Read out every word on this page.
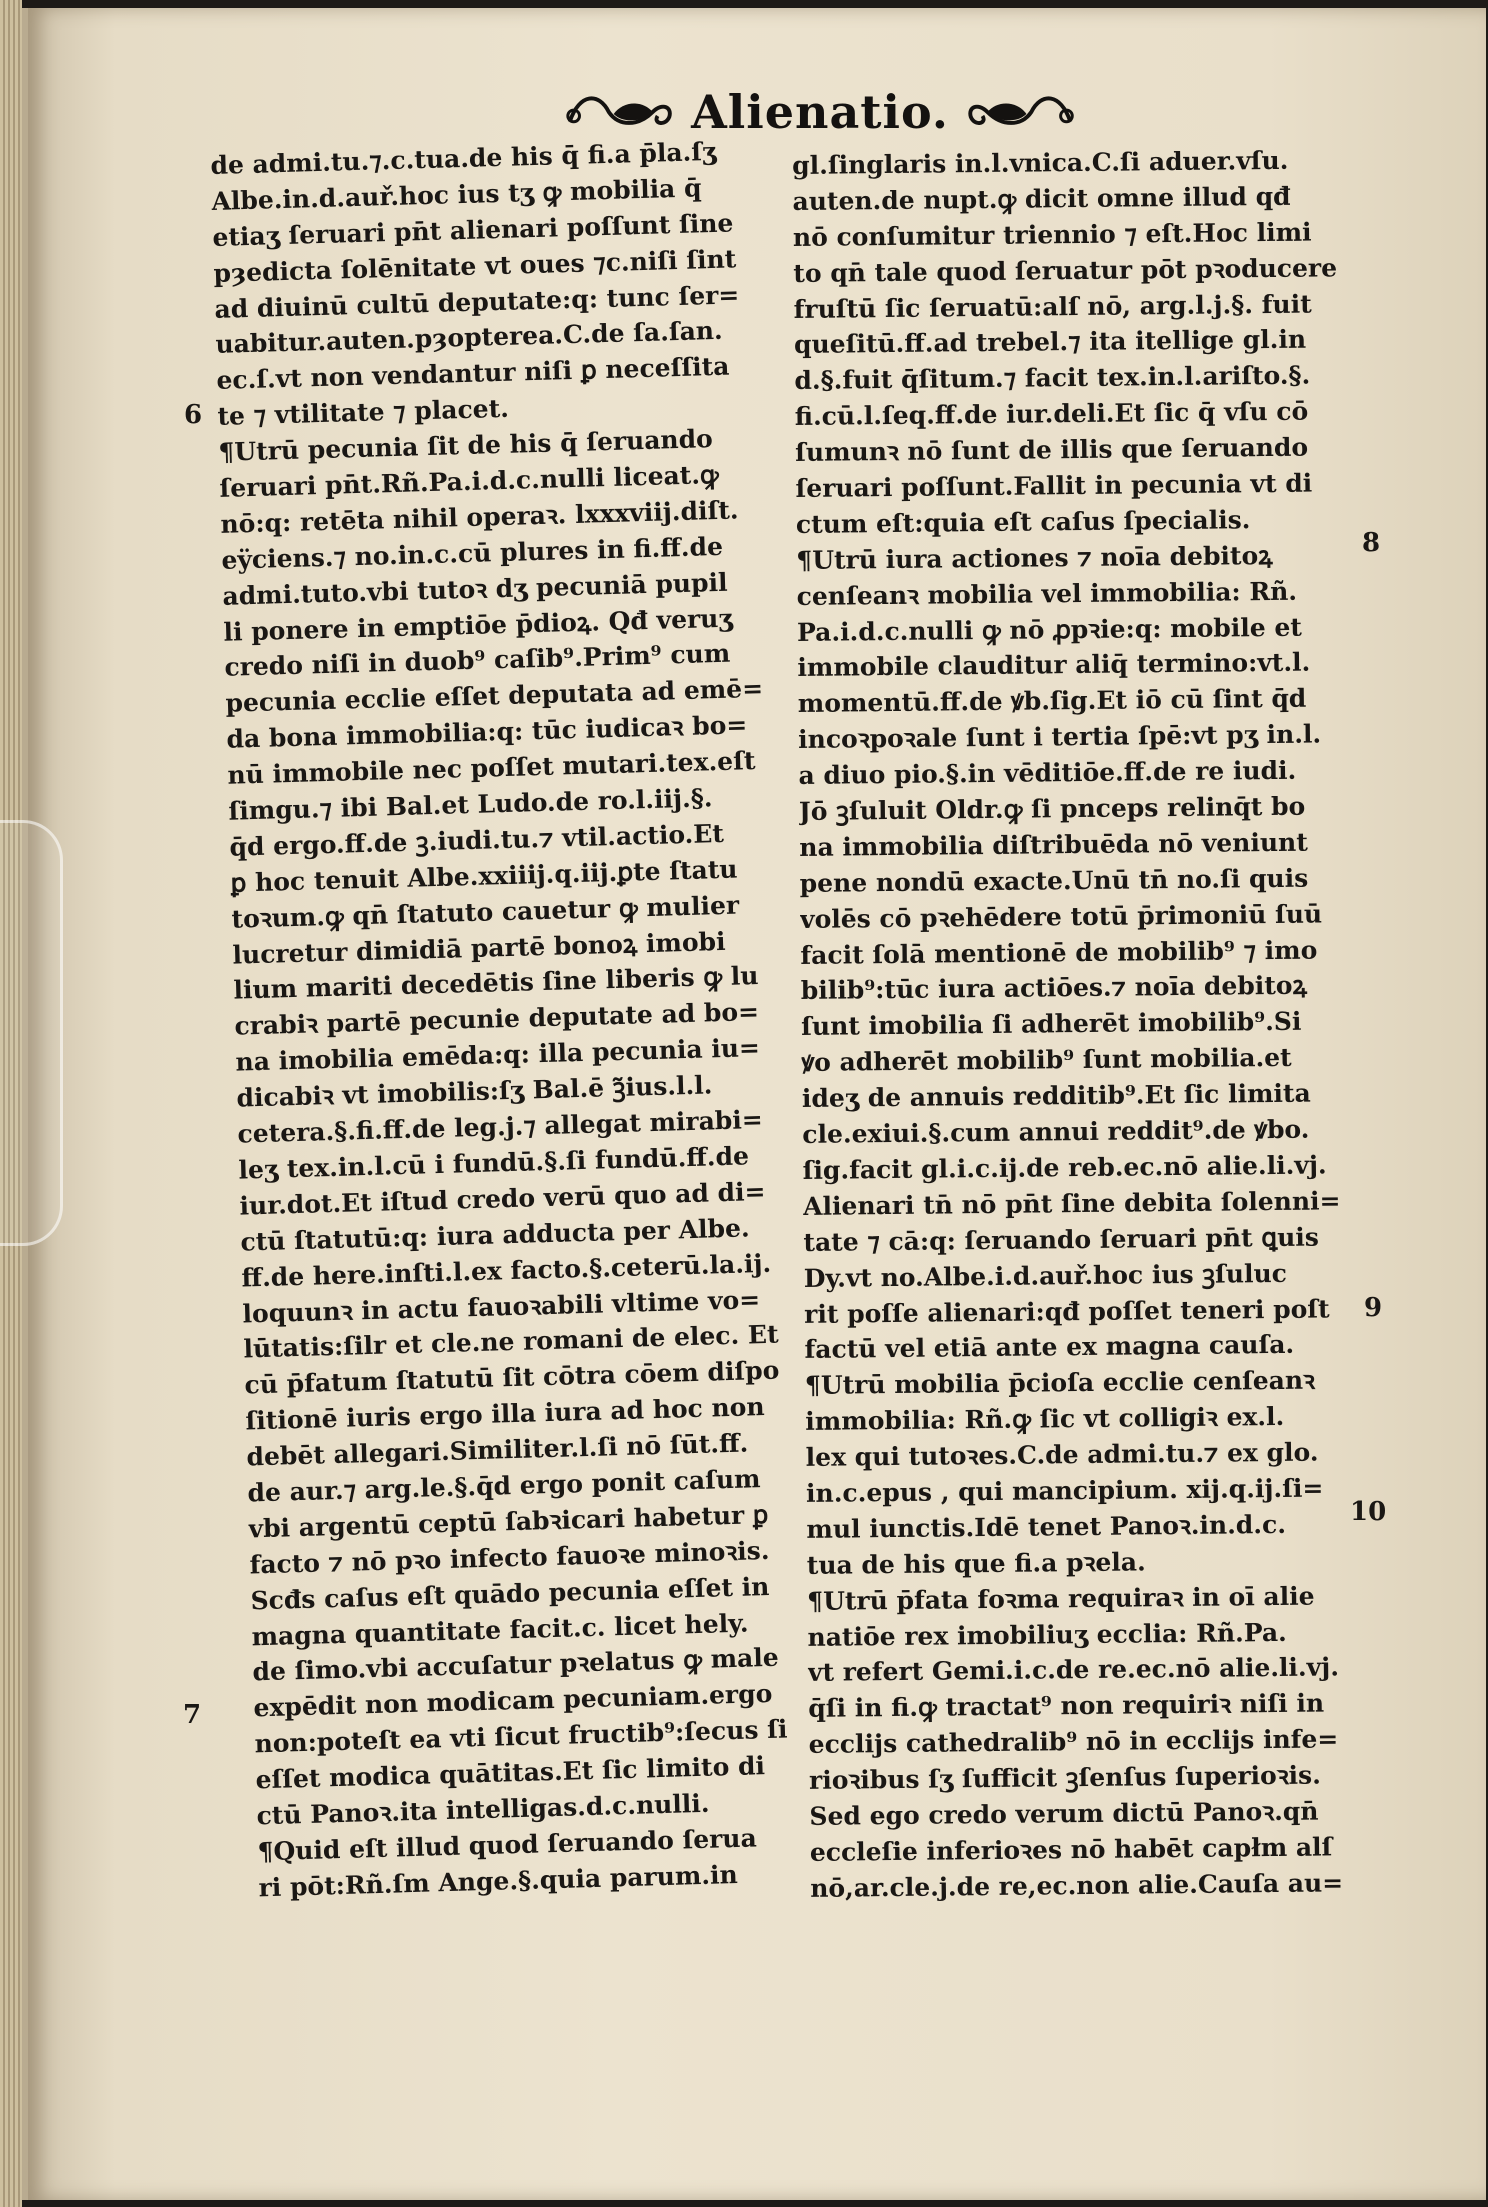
Alienatio.
de admi.tu.⁊.c.tua.de his q̄ fi.a p̄la.ſʒ
Albe.in.d.auř.hoc ius tʒ ꝙ mobilia q̄
etiaʒ ſeruari pn̄t alienari poſſunt ſine
pȝedicta ſolēnitate vt oues ⁊c.niſi ſint
ad diuinū cultū deputate:q: tunc ſer=
uabitur.auten.pȝopterea.C.de ſa.ſan.
ec.ſ.vt non vendantur niſi ꝑ neceſſita
te ⁊ vtilitate ⁊ placet.
¶Utrū pecunia ſit de his q̄ ſeruando
ſeruari pn̄t.Rñ.Pa.i.d.c.nulli liceat.ꝙ
nō:q: retēta nihil operaꝛ. lxxxviij.diſt.
eÿciens.⁊ no.in.c.cū plures in fi.ff.de
admi.tuto.vbi tutoꝛ dʒ pecuniā pupil
li ponere in emptiōe p̄dioꝝ. Qđ veruʒ
credo niſi in duob⁹ caſib⁹.Prim⁹ cum
pecunia ecclie eſſet deputata ad emē=
da bona immobilia:q: tūc iudicaꝛ bo=
nū immobile nec poſſet mutari.tex.eſt
ſimgu.⁊ ibi Bal.et Ludo.de ro.l.iij.§.
q̄d ergo.ff.de ꝫ.iudi.tu.⁊ vtil.actio.Et
ꝑ hoc tenuit Albe.xxiiij.q.iij.ꝑte ſtatu
toꝛum.ꝙ qn̄ ſtatuto cauetur ꝙ mulier
lucretur dimidiā partē bonoꝝ imobi
lium mariti decedētis ſine liberis ꝙ lu
crabiꝛ partē pecunie deputate ad bo=
na imobilia emēda:q: illa pecunia iu=
dicabiꝛ vt imobilis:ſʒ Bal.ē ꝫ̃ius.l.l.
cetera.§.fi.ff.de leg.j.⁊ allegat mirabi=
leʒ tex.in.l.cū i fundū.§.ſi fundū.ff.de
iur.dot.Et iſtud credo verū quo ad di=
ctū ſtatutū:q: iura adducta per Albe.
ff.de here.inſti.l.ex facto.§.ceterū.la.ij.
loquunꝛ in actu fauoꝛabili vltime vo=
lūtatis:ſilr et cle.ne romani de elec. Et
cū p̄fatum ſtatutū ſit cōtra cōem diſpo
ſitionē iuris ergo illa iura ad hoc non
debēt allegari.Similiter.l.ſi nō ſūt.ff.
de aur.⁊ arg.le.§.q̄d ergo ponit caſum
vbi argentū ceptū ſabꝛicari habetur ꝑ
facto ⁊ nō pꝛo infecto fauoꝛe minoꝛis.
Scđs caſus eſt quādo pecunia eſſet in
magna quantitate facit.c. licet hely.
de ſimo.vbi accuſatur pꝛelatus ꝙ male
expēdit non modicam pecuniam.ergo
non:poteſt ea vti ſicut fructib⁹:ſecus ſi
eſſet modica quātitas.Et ſic limito di
ctū Panoꝛ.ita intelligas.d.c.nulli.
¶Quid eſt illud quod ſeruando ſerua
ri pōt:Rñ.ſm Ange.§.quia parum.in
gl.ſinglaris in.l.vnica.C.ſi aduer.vſu.
auten.de nupt.ꝙ dicit omne illud qđ
nō conſumitur triennio ⁊ eſt.Hoc limi
to qn̄ tale quod ſeruatur pōt pꝛoducere
fruſtū ſic ſeruatū:alſ nō, arg.l.j.§. fuit
queſitū.ff.ad trebel.⁊ ita itellige gl.in
d.§.fuit q̄ſitum.⁊ facit tex.in.l.ariſto.§.
fi.cū.l.ſeq.ff.de iur.deli.Et ſic q̄ vſu cō
ſumunꝛ nō ſunt de illis que ſeruando
ſeruari poſſunt.Fallit in pecunia vt di
ctum eſt:quia eſt caſus ſpecialis.
¶Utrū iura actiones ⁊ noīa debitoꝝ
cenſeanꝛ mobilia vel immobilia: Rñ.
Pa.i.d.c.nulli ꝙ nō ꝓpꝛie:q: mobile et
immobile clauditur aliq̄ termino:vt.l.
momentū.ff.de ꝟb.ſig.Et iō cū ſint q̄d
incoꝛpoꝛale ſunt i tertia ſpē:vt pʒ in.l.
a diuo pio.§.in vēditiōe.ff.de re iudi.
Jō ꝫſuluit Oldr.ꝙ ſi pnceps relinq̄t bo
na immobilia diſtribuēda nō veniunt
pene nondū exacte.Unū tn̄ no.ſi quis
volēs cō pꝛehēdere totū p̄rimoniū ſuū
facit ſolā mentionē de mobilib⁹ ⁊ imo
bilib⁹:tūc iura actiōes.⁊ noīa debitoꝝ
ſunt imobilia ſi adherēt imobilib⁹.Si
ꝟo adherēt mobilib⁹ ſunt mobilia.et
ideʒ de annuis redditib⁹.Et ſic limita
cle.exiui.§.cum annui reddit⁹.de ꝟbo.
ſig.facit gl.i.c.ij.de reb.ec.nō alie.li.vj.
Alienari tn̄ nō pn̄t ſine debita ſolenni=
tate ⁊ cā:q: ſeruando ſeruari pn̄t ꝗuis
Dy.vt no.Albe.i.d.auř.hoc ius ꝫſuluc
rit poſſe alienari:qđ poſſet teneri poſt
factū vel etiā ante ex magna cauſa.
¶Utrū mobilia p̄cioſa ecclie cenſeanꝛ
immobilia: Rñ.ꝙ ſic vt colligiꝛ ex.l.
lex qui tutoꝛes.C.de admi.tu.⁊ ex glo.
in.c.epus , qui mancipium. xij.q.ij.ſi=
mul iunctis.Idē tenet Panoꝛ.in.d.c.
tua de his que fi.a pꝛela.
¶Utrū p̄fata foꝛma requiraꝛ in oī alie
natiōe rex imobiliuʒ ecclia: Rñ.Pa.
vt refert Gemi.i.c.de re.ec.nō alie.li.vj.
q̄ſi in fi.ꝙ tractat⁹ non requiriꝛ niſi in
ecclijs cathedralib⁹ nō in ecclijs infe=
rioꝛibus ſʒ ſufficit ꝫſenſus ſuperioꝛis.
Sed ego credo verum dictū Panoꝛ.qn̄
eccleſie inferioꝛes nō habēt capłm alſ
nō,ar.cle.j.de re,ec.non alie.Cauſa au=
6
7
8
9
10
